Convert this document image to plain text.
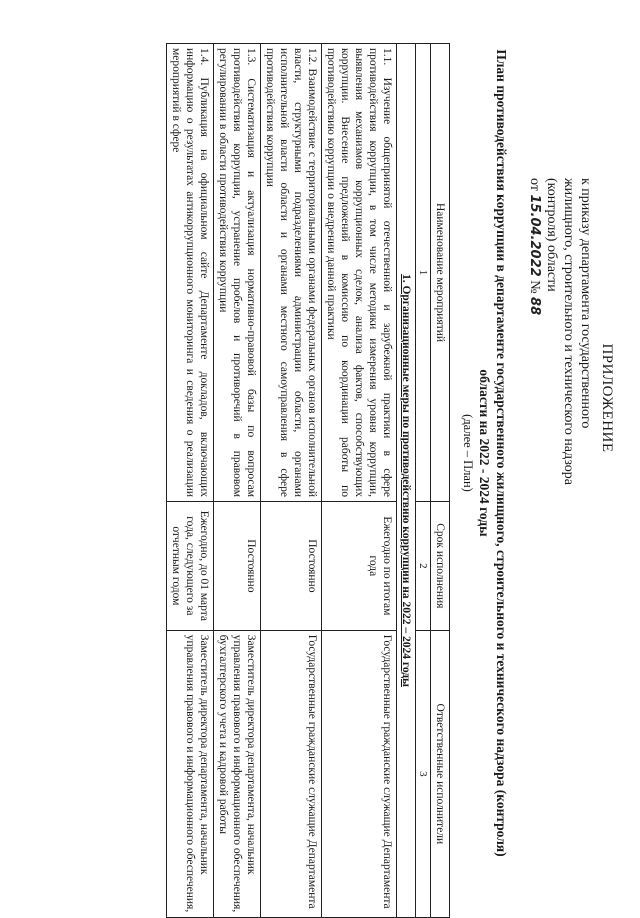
ПРИЛОЖЕНИЕ
к приказу департамента государственного
жилищного, строительного и технического надзора
(контроля) области
от 15.04.2022 № 88
План противодействия коррупции в департаменте государственного жилищного, строительного и технического надзора (контроля) области на 2022 - 2024 годы
(далее – План)
Наименование мероприятий	Срок исполнения	Ответственные исполнители
1	2	3
1. Организационные меры по противодействию коррупции на 2022 – 2024 годы		
1.1. Изучение общепринятой отечественной и зарубежной практики в сфере противодействия коррупции, в том числе методики измерения уровня коррупции, выявления механизмов коррупционных сделок, анализа фактов, способствующих коррупции. Внесение предложений в комиссию по координации работы по противодействию коррупции о внедрении данной практики	Ежегодно по итогам года	Государственные гражданские служащие Департамента
1.2. Взаимодействие с территориальными органами федеральных органов исполнительной власти, структурными подразделениями администрации области, органами исполнительной власти области и органами местного самоуправления в сфере противодействия коррупции	Постоянно	Государственные гражданские служащие Департамента
1.3. Систематизация и актуализация нормативно-правовой базы по вопросам противодействия коррупции, устранение пробелов и противоречий в правовом регулировании в области противодействия коррупции	Постоянно	Заместитель директора департамента, начальник управления правового и информационного обеспечения, бухгалтерского учета и кадровой работы
1.4. Публикация на официальном сайте Департаменте докладов, включающих информацию о результатах антикоррупционного мониторинга и сведения о реализации мероприятий в сфере	Ежегодно, до 01 марта года, следующего за отчетным годом	Заместитель директора департамента, начальник управления правового и информационного обеспечения,
